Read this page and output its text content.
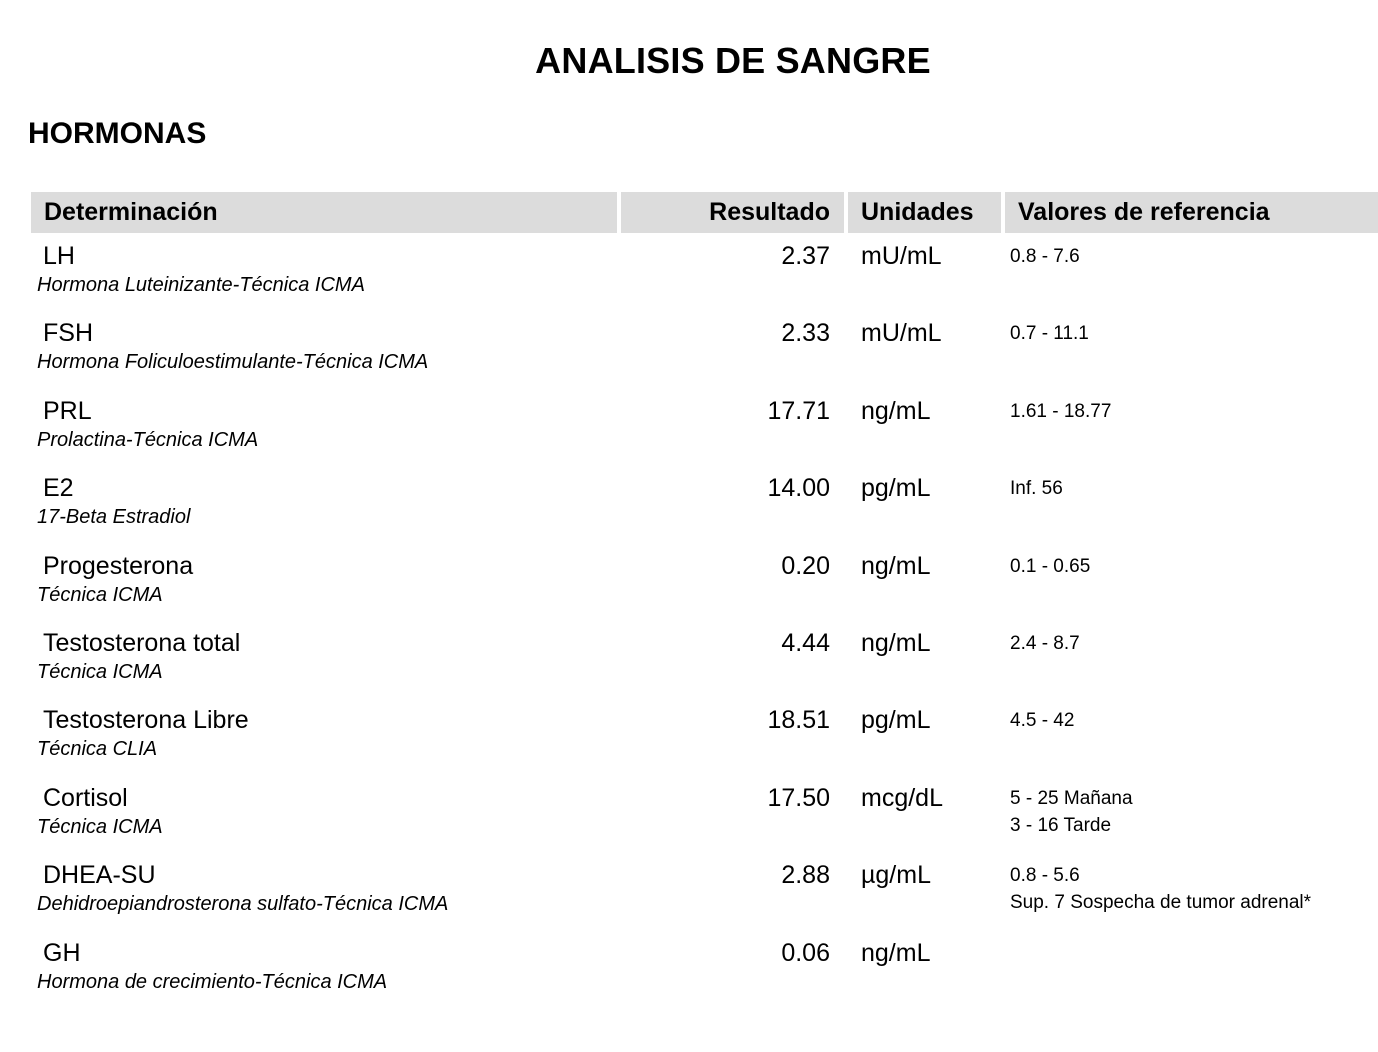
ANALISIS DE SANGRE
HORMONAS
Determinación	Resultado	Unidades	Valores de referencia
LH
Hormona Luteinizante-Técnica ICMA
2.37 mU/mL	0.8 - 7.6
FSH
Hormona Foliculoestimulante-Técnica ICMA
2.33 mU/mL	0.7 - 11.1
PRL
Prolactina-Técnica ICMA
17.71 ng/mL	1.61 - 18.77
E2
17-Beta Estradiol
14.00 pg/mL	Inf. 56
Progesterona
Técnica ICMA
0.20 ng/mL	0.1 - 0.65
Testosterona total
Técnica ICMA
4.44 ng/mL	2.4 - 8.7
Testosterona Libre
Técnica CLIA
18.51 pg/mL	4.5 - 42
Cortisol
Técnica ICMA
17.50 mcg/dL	5 - 25 Mañana
3 - 16 Tarde
DHEA-SU
Dehidroepiandrosterona sulfato-Técnica ICMA
2.88 µg/mL	0.8 - 5.6
Sup. 7 Sospecha de tumor adrenal*
GH
Hormona de crecimiento-Técnica ICMA
0.06 ng/mL
